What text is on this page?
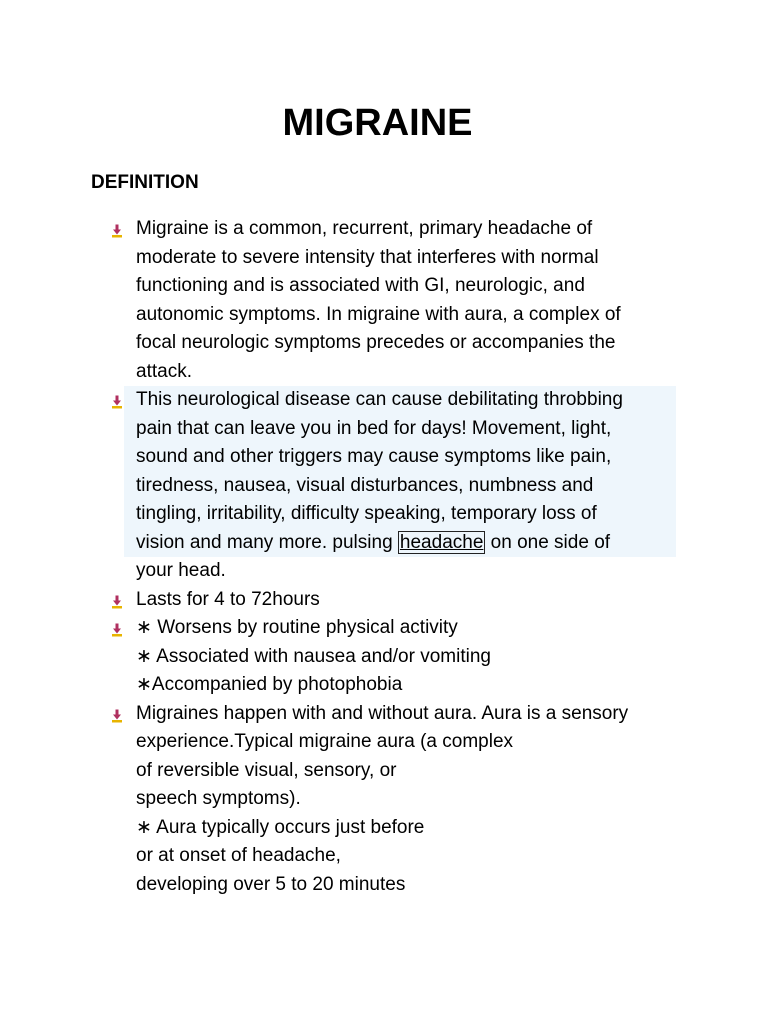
MIGRAINE
DEFINITION
Migraine is a common, recurrent, primary headache of
moderate to severe intensity that interferes with normal
functioning and is associated with GI, neurologic, and
autonomic symptoms. In migraine with aura, a complex of
focal neurologic symptoms precedes or accompanies the
attack.
This neurological disease can cause debilitating throbbing
pain that can leave you in bed for days! Movement, light,
sound and other triggers may cause symptoms like pain,
tiredness, nausea, visual disturbances, numbness and
tingling, irritability, difficulty speaking, temporary loss of
vision and many more. pulsing headache on one side of
your head.
Lasts for 4 to 72hours
∗ Worsens by routine physical activity
∗ Associated with nausea and/or vomiting
∗Accompanied by photophobia
Migraines happen with and without aura. Aura is a sensory
experience.Typical migraine aura (a complex
of reversible visual, sensory, or
speech symptoms).
∗ Aura typically occurs just before
or at onset of headache,
developing over 5 to 20 minutes
